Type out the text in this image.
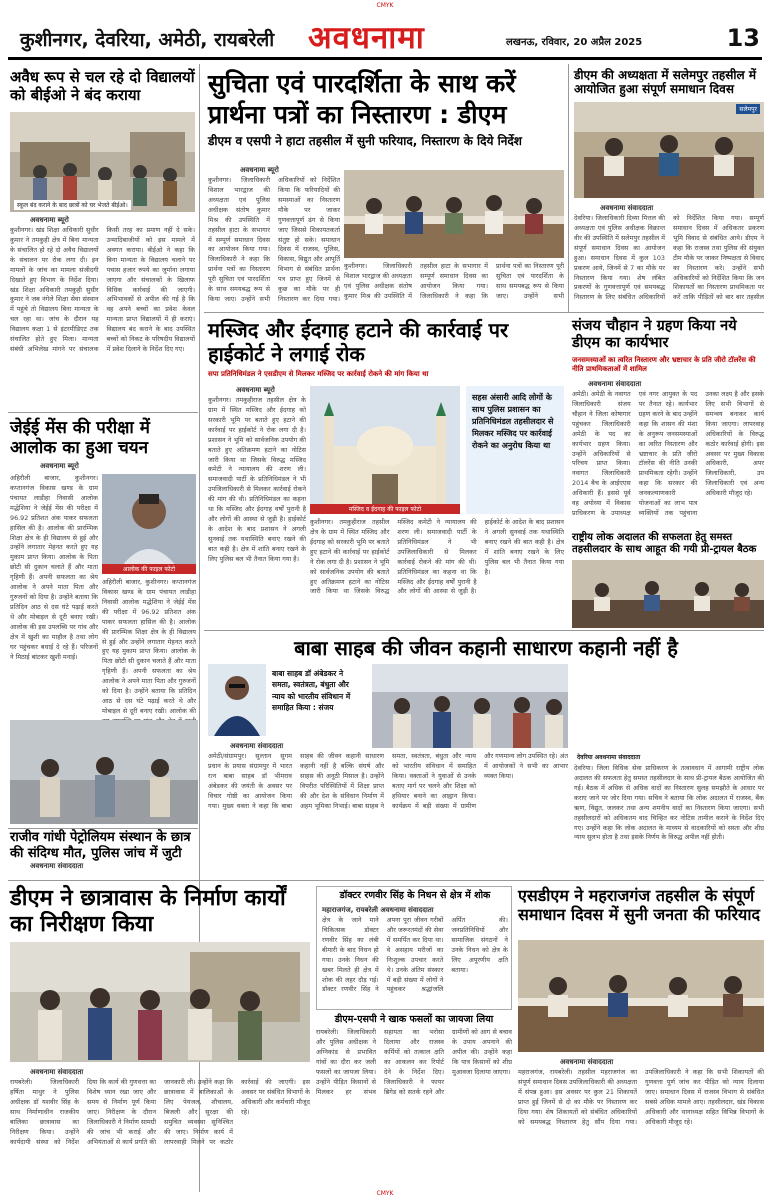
CMYK
कुशीनगर, देवरिया, अमेठी, रायबरेली अवधनामा	लखनऊ, रविवार, 20 अप्रैल 2025	13
अवैध रूप से चल रहे दो विद्यालयों को बीईओ ने बंद कराया
स्कूल बंद कराने के बाद छात्रों को घर भेजते बीईओ।
अवधनामा ब्यूरो
कुशीनगर। खंड शिक्षा अधिकारी सुधीर कुमार ने तमकुही क्षेत्र में बिना मान्यता के संचालित हो रहे दो अवैध विद्यालयों के संचालन पर रोक लगा दी। इन मामलों के जांच का मामला संजीदगी दिखाते हुए विभाग के निर्देश दिया। खंड शिक्षा अधिकारी तमकुही सुधीर कुमार ने जब नंगेले शिक्षा सेवा संस्थान में पहुंचे तो विद्यालय बिना मान्यता के चल रहा था। जांच के दौरान यह विद्यालय कक्षा 1 से इंटरमीडिएट तक संचालित होते हुए मिला। मान्यता संबंधी अभिलेख मांगने पर संचालक किसी तरह का प्रमाण नहीं दे सके। उन्मादिबाजीयों को इस मामले में अवगत कराया। बीईओ ने कहा कि बिना मान्यता के विद्यालय चलाने पर पचास हजार रुपये का जुर्माना लगाया जाएगा और संचालकों के खिलाफ विधिक कार्रवाई की जाएगी। अभिभावकों से अपील की गई है कि वह अपने बच्चों का प्रवेश केवल मान्यता प्राप्त विद्यालयों में ही कराएं। विद्यालय बंद कराने के बाद उपस्थित बच्चों को निकट के परिषदीय विद्यालयों में प्रवेश दिलाने के निर्देश दिए गए।
जेईई मेंस की परीक्षा में आलोक का हुआ चयन
अवधनामा ब्यूरो
अहिरौली बाजार, कुशीनगर। कप्तानगंज विकास खण्ड के ग्राम पंचायत लाडीहा निवासी आलोक मद्धेशिया ने जेईई मेंस की परीक्षा में 96.92 प्रतिशत अंक पाकर सफलता हासिल की है। आलोक की प्रारम्भिक शिक्षा क्षेत्र के ही विद्यालय से हुई और उन्होंने लगातार मेहनत करते हुए यह मुकाम प्राप्त किया। आलोक के पिता छोटी सी दुकान चलाते हैं और माता गृहिणी हैं। अपनी सफलता का श्रेय आलोक ने अपने माता पिता और गुरुजनों को दिया है। उन्होंने बताया कि प्रतिदिन आठ से दस घंटे पढ़ाई करते थे और मोबाइल से दूरी बनाए रखी। आलोक की इस उपलब्धि पर गांव और क्षेत्र में खुशी का माहौल है तथा लोग घर पहुंचकर बधाई दे रहे हैं। परिजनों ने मिठाई बांटकर खुशी मनाई।
आलोक की फाइल फोटो

अहिरौली बाजार, कुशीनगर। कप्तानगंज विकास खण्ड के ग्राम पंचायत लाडीहा निवासी आलोक मद्धेशिया ने जेईई मेंस की परीक्षा में 96.92 प्रतिशत अंक पाकर सफलता हासिल की है। आलोक की प्रारम्भिक शिक्षा क्षेत्र के ही विद्यालय से हुई और उन्होंने लगातार मेहनत करते हुए यह मुकाम प्राप्त किया। आलोक के पिता छोटी सी दुकान चलाते हैं और माता गृहिणी हैं। अपनी सफलता का श्रेय आलोक ने अपने माता पिता और गुरुजनों को दिया है। उन्होंने बताया कि प्रतिदिन आठ से दस घंटे पढ़ाई करते थे और मोबाइल से दूरी बनाए रखी। आलोक की

राजीव गांधी पेट्रोलियम संस्थान के छात्र की संदिग्ध मौत, पुलिस जांच में जुटी
सुचिता एवं पारदर्शिता के साथ करें प्रार्थना पत्रों का निस्तारण : डीएम
डीएम व एसपी ने हाटा तहसील में सुनी फरियाद, निस्तारण के दिये निर्देश
अवधनामा ब्यूरो
कुशीनगर। जिलाधिकारी विशाल भारद्वाज की अध्यक्षता एवं पुलिस अधीक्षक संतोष कुमार मिश्र की उपस्थिति में तहसील हाटा के सभागार में सम्पूर्ण समाधान दिवस का आयोजन किया गया। जिलाधिकारी ने कहा कि प्रार्थना पत्रों का निस्तारण पूरी सुचिता एवं पारदर्शिता के साथ समयबद्ध रूप से किया जाए। उन्होंने सभी अधिकारियों को निर्देशित किया कि फरियादियों की समस्याओं का निस्तारण मौके पर जाकर गुणवत्तापूर्ण ढंग से किया जाए जिससे शिकायतकर्ता संतुष्ट हो सके। समाधान दिवस में राजस्व, पुलिस, विकास, विद्युत और आपूर्ति विभाग से संबंधित प्रार्थना पत्र प्राप्त हुए जिनमें से कुछ का मौके पर ही निस्तारण कर दिया गया।

कुशीनगर। जिलाधिकारी विशाल भारद्वाज की अध्यक्षता एवं पुलिस अधीक्षक संतोष कुमार मिश्र की उपस्थिति में तहसील हाटा के सभागार में सम्पूर्ण समाधान दिवस का आयोजन किया गया। जिलाधिकारी ने कहा कि प्रार्थना पत्रों का निस्तारण पूरी सुचिता एवं पारदर्शिता के साथ समयबद्ध रूप से किया जाए। उन्होंने सभी

डीएम की अध्यक्षता में सलेमपुर तहसील में आयोजित हुआ संपूर्ण समाधान दिवस
सलेमपुर
अवधनामा संवाददाता
देवरिया। जिलाधिकारी दिव्या मित्तल की अध्यक्षता एवं पुलिस अधीक्षक विक्रान्त वीर की उपस्थिति में सलेमपुर तहसील में संपूर्ण समाधान दिवस का आयोजन हुआ। समाधान दिवस में कुल 103 प्रकरण आये, जिनमें से 7 का मौके पर निस्तारण किया गया। शेष लंबित प्रकरणों के गुणवत्तापूर्ण एवं समयबद्ध निस्तारण के लिए संबंधित अधिकारियों को निर्देशित किया गया। सम्पूर्ण समाधान दिवस में अधिकतर प्रकरण भूमि विवाद से संबंधित आये। डीएम ने कहा कि राजस्व तथा पुलिस की संयुक्त टीम मौके पर जाकर निष्पक्षता से विवाद का निस्तारण करे। उन्होंने सभी अधिकारियों को निर्देशित किया कि जन शिकायतों का निस्तारण प्राथमिकता पर करें ताकि पीड़ितों को बार बार तहसील
मस्जिद और ईदगाह हटाने की कार्रवाई पर हाईकोर्ट ने लगाई रोक
सपा प्रतिनिधिमंडल ने एसडीएम से मिलकर मस्जिद पर कार्रवाई रोकने की मांग किया था
अवधनामा ब्यूरो
कुशीनगर। तमकुहीराज तहसील क्षेत्र के ग्राम में स्थित मस्जिद और ईदगाह को सरकारी भूमि पर बताते हुए हटाने की कार्रवाई पर हाईकोर्ट ने रोक लगा दी है। प्रशासन ने भूमि को सार्वजनिक उपयोग की बताते हुए अतिक्रमण हटाने का नोटिस जारी किया था जिसके विरुद्ध मस्जिद कमेटी ने न्यायालय की शरण ली। समाजवादी पार्टी के प्रतिनिधिमंडल ने भी उपजिलाधिकारी से मिलकर कार्रवाई रोकने की मांग की थी। प्रतिनिधिमंडल का कहना था कि मस्जिद और ईदगाह वर्षों पुरानी है और लोगों की आस्था से जुड़ी है। हाईकोर्ट के आदेश के बाद प्रशासन ने अगली सुनवाई तक यथास्थिति बनाए रखने की बात कही है। क्षेत्र में शांति बनाए रखने के लिए पुलिस बल भी तैनात किया गया है।
मस्जिद व ईदगाह की फाइल फोटो
सहस अंसारी आदि लोगों के साथ पुलिस प्रशासन का प्रतिनिधिमंडल तहसीलदार से मिलकर मस्जिद पर कार्रवाई रोकने का अनुरोध किया था

कुशीनगर। तमकुहीराज तहसील क्षेत्र के ग्राम में स्थित मस्जिद और ईदगाह को सरकारी भूमि पर बताते हुए हटाने की कार्रवाई पर हाईकोर्ट ने रोक लगा दी है। प्रशासन ने भूमि को सार्वजनिक उपयोग की बताते हुए अतिक्रमण हटाने का नोटिस जारी किया था जिसके विरुद्ध मस्जिद कमेटी ने न्यायालय की शरण ली। समाजवादी पार्टी के प्रतिनिधिमंडल ने भी उपजिलाधिकारी से मिलकर कार्रवाई रोकने की मांग की थी। प्रतिनिधिमंडल का कहना था कि मस्जिद और ईदगाह वर्षों पुरानी है और लोगों की आस्था से जुड़ी है। हाईकोर्ट के आदेश के बाद प्रशासन ने अगली सुनवाई तक यथास्थिति बनाए रखने की बात कही है। क्षेत्र में शांति बनाए रखने के लिए पुलिस बल भी तैनात किया गया है।

संजय चौहान ने ग्रहण किया नये डीएम का कार्यभार
जनसमस्याओं का त्वरित निस्तारण और भ्रष्टाचार के प्रति जीरो टॉलरेंस की नीति प्राथमिकताओं में शामिल
अवधनामा संवाददाता
अमेठी। अमेठी के नवागत जिलाधिकारी संजय चौहान ने जिला कोषागार पहुंचकर जिलाधिकारी अमेठी के पद का कार्यभार ग्रहण किया। उन्होंने अधिकारियों से परिचय प्राप्त किया। नवागत जिलाधिकारी 2014 बैच के आईएएस अधिकारी हैं। इससे पूर्व वह अयोध्या में विकास प्राधिकरण के उपाध्यक्ष एवं नगर आयुक्त के पद पर तैनात रहे। कार्यभार ग्रहण करने के बाद उन्होंने कहा कि शासन की मंशा के अनुरूप जनसमस्याओं का त्वरित निस्तारण और भ्रष्टाचार के प्रति जीरो टॉलरेंस की नीति उनकी प्राथमिकता रहेगी। उन्होंने कहा कि सरकार की जनकल्याणकारी योजनाओं का लाभ पात्र व्यक्तियों तक पहुंचाना उनका लक्ष्य है और इसके लिए सभी विभागों से समन्वय बनाकर कार्य किया जाएगा। लापरवाह अधिकारियों के विरुद्ध कठोर कार्रवाई होगी। इस अवसर पर मुख्य विकास अधिकारी, अपर जिलाधिकारी, उप जिलाधिकारी एवं अन्य अधिकारी मौजूद रहे।
राष्ट्रीय लोक अदालत की सफलता हेतु समस्त तहसीलदार के साथ आहूत की गयी प्री-ट्रायल बैठक
बाबा साहब की जीवन कहानी साधारण कहानी नहीं है
बाबा साहब डॉ अंबेडकर ने समता, स्वतंत्रता, बंधुता और न्याय को भारतीय संविधान में समाहित किया : संजय
अवधनामा संवाददाता
अमेठी/संग्रामपुर। सुल्तान सुगम प्रधान के प्रयास संग्रामपुर में भारत रत्न बाबा साहब डॉ भीमराव अंबेडकर की जयंती के अवसर पर विचार गोष्ठी का आयोजन किया गया। मुख्य वक्ता ने कहा कि बाबा साहब की जीवन कहानी साधारण कहानी नहीं है बल्कि संघर्ष और साहस की अनूठी मिसाल है। उन्होंने विपरीत परिस्थितियों में शिक्षा प्राप्त की और देश के संविधान निर्माण में अहम भूमिका निभाई। बाबा साहब ने समता, स्वतंत्रता, बंधुता और न्याय को भारतीय संविधान में समाहित किया। वक्ताओं ने युवाओं से उनके बताए मार्ग पर चलने और शिक्षा को हथियार बनाने का आह्वान किया। कार्यक्रम में बड़ी संख्या में ग्रामीण और गणमान्य लोग उपस्थित रहे। अंत में आयोजकों ने सभी का आभार व्यक्त किया।
देवरिया अवधनामा संवाददाता
देवरिया। जिला विधिक सेवा प्राधिकरण के तत्वावधान में आगामी राष्ट्रीय लोक अदालत की सफलता हेतु समस्त तहसीलदार के साथ प्री-ट्रायल बैठक आयोजित की गई। बैठक में अधिक से अधिक वादों का निस्तारण सुलह समझौते के आधार पर कराए जाने पर जोर दिया गया। सचिव ने बताया कि लोक अदालत में राजस्व, बैंक ऋण, विद्युत, जलकर तथा अन्य शमनीय वादों का निस्तारण किया जाएगा। सभी तहसीलदारों को अधिकतम वाद चिन्हित कर नोटिस तामील कराने के निर्देश दिए गए। उन्होंने कहा कि लोक अदालत के माध्यम से वादकारियों को सस्ता और शीघ्र न्याय सुलभ होता है तथा इसके निर्णय के विरुद्ध अपील नहीं होती।
अवधनामा संवाददाता
डीएम ने छात्रावास के निर्माण कार्यों का निरीक्षण किया
अवधनामा संवाददाता
रायबरेली। जिलाधिकारी हर्षिता माथुर ने पुलिस अधीक्षक डॉ यशवीर सिंह के साथ निर्माणाधीन राजकीय बालिका छात्रावास का निरीक्षण किया। उन्होंने कार्यदायी संस्था को निर्देश दिया कि कार्य की गुणवत्ता का विशेष ध्यान रखा जाए और समय से निर्माण पूर्ण किया जाए। निरीक्षण के दौरान जिलाधिकारी ने निर्माण सामग्री की जांच भी कराई और अभियंताओं से कार्य प्रगति की जानकारी ली। उन्होंने कहा कि छात्रावास में बालिकाओं के लिए पेयजल, शौचालय, बिजली और सुरक्षा की समुचित व्यवस्था सुनिश्चित की जाए। निर्माण कार्य में लापरवाही मिलने पर कठोर कार्रवाई की जाएगी। इस अवसर पर संबंधित विभागों के अधिकारी और कर्मचारी मौजूद रहे।
डॉक्टर रणवीर सिंह के निधन से क्षेत्र में शोक
महाराजगंज, रायबरेली अवधनामा संवाददाता
क्षेत्र के जाने माने चिकित्सक डॉक्टर रणवीर सिंह का लंबी बीमारी के बाद निधन हो गया। उनके निधन की खबर मिलते ही क्षेत्र में शोक की लहर दौड़ गई। डॉक्टर रणवीर सिंह ने अपना पूरा जीवन गरीबों और जरूरतमंदों की सेवा में समर्पित कर दिया था। वे असहाय मरीजों का निःशुल्क उपचार करते थे। उनके अंतिम संस्कार में बड़ी संख्या में लोगों ने पहुंचकर श्रद्धांजलि अर्पित की। जनप्रतिनिधियों और सामाजिक संगठनों ने उनके निधन को क्षेत्र के लिए अपूरणीय क्षति बताया।
डीएम-एसपी ने खाक फसलों का जायजा लिया
रायबरेली। जिलाधिकारी और पुलिस अधीक्षक ने अग्निकांड से प्रभावित गांवों का दौरा कर जली फसलों का जायजा लिया। उन्होंने पीड़ित किसानों से मिलकर हर संभव सहायता का भरोसा दिलाया और राजस्व कर्मियों को तत्काल क्षति का आकलन कर रिपोर्ट देने के निर्देश दिए। जिलाधिकारी ने फायर ब्रिगेड को सतर्क रहने और ग्रामीणों को आग से बचाव के उपाय अपनाने की अपील की। उन्होंने कहा कि पात्र किसानों को शीघ्र मुआवजा दिलाया जाएगा।
एसडीएम ने महराजगंज तहसील के संपूर्ण समाधान दिवस में सुनी जनता की फरियाद
अवधनामा संवाददाता
महराजगंज, रायबरेली। तहसील महराजगंज का संपूर्ण समाधान दिवस उपजिलाधिकारी की अध्यक्षता में संपन्न हुआ। इस अवसर पर कुल 21 शिकायतें प्राप्त हुईं जिनमें से दो का मौके पर निस्तारण कर दिया गया। शेष शिकायतों को संबंधित अधिकारियों को समयबद्ध निस्तारण हेतु सौंप दिया गया। उपजिलाधिकारी ने कहा कि सभी शिकायतों की गुणवत्ता पूर्ण जांच कर पीड़ित को न्याय दिलाया जाए। समाधान दिवस में राजस्व विभाग से संबंधित सबसे अधिक मामले आए। तहसीलदार, खंड विकास अधिकारी और थानाध्यक्ष सहित विभिन्न विभागों के अधिकारी मौजूद रहे।
CMYK
